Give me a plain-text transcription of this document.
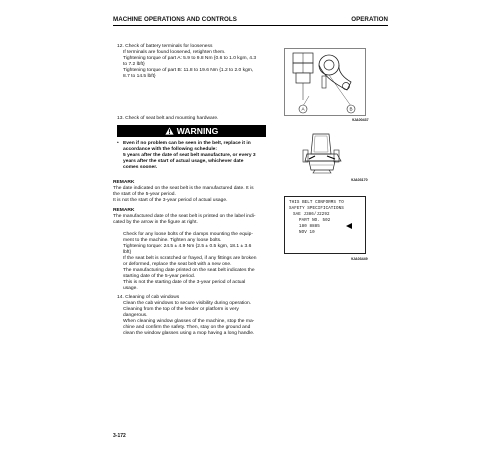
MACHINE OPERATIONS AND CONTROLS	OPERATION
12. Check of battery terminals for looseness
If terminals are found loosened, retighten them.
Tightening torque of part A: 5.9 to 9.8 Nm {0.6 to 1.0 kgm, 4.3
to 7.2 lbft}
Tightening torque of part B: 11.8 to 19.6 Nm {1.2 to 2.0 kgm,
8.7 to 14.5 lbft}
A	B
9JA00437
13. Check of seat belt and mounting hardware.
WARNING
• Even if no problem can be seen in the belt, replace it in
accordance with the following schedule:
5 years after the date of seat belt manufacture, or every 3
years after the start of actual usage, whichever date
comes sooner.
9JA03170
REMARK
The date indicated on the seat belt is the manufactured date. It is
the start of the 5-year period.
It is not the start of the 3-year period of actual usage.
REMARK
The manufactured date of the seat belt is printed on the label indi-
cated by the arrow in the figure at right.
Check for any loose bolts of the clamps mounting the equip-
ment to the machine. Tighten any loose bolts.
Tightening torque: 24.5 ± 4.9 Nm {2.5 ± 0.5 kgm, 18.1 ± 3.6
lbft}
If the seat belt is scratched or frayed, if any fittings are broken
or deformed, replace the seat belt with a new one.
The manufacturing date printed on the seat belt indicates the
starting date of the 5-year period.
This is not the starting date of the 3-year period of actual
usage.
THIS BELT CONFORMS TO
SAFETY SPECIFICATIONS
SAE J386/J2292
PART NO. 502
180 8885
NOV 10
9JA03449
14. Cleaning of cab windows
Clean the cab windows to secure visibility during operation.
Cleaning from the top of the fender or platform is very
dangerous.
When cleaning window glasses of the machine, stop the ma-
chine and confirm the safety. Then, stay on the ground and
clean the window glasses using a mop having a long handle.
3-172
